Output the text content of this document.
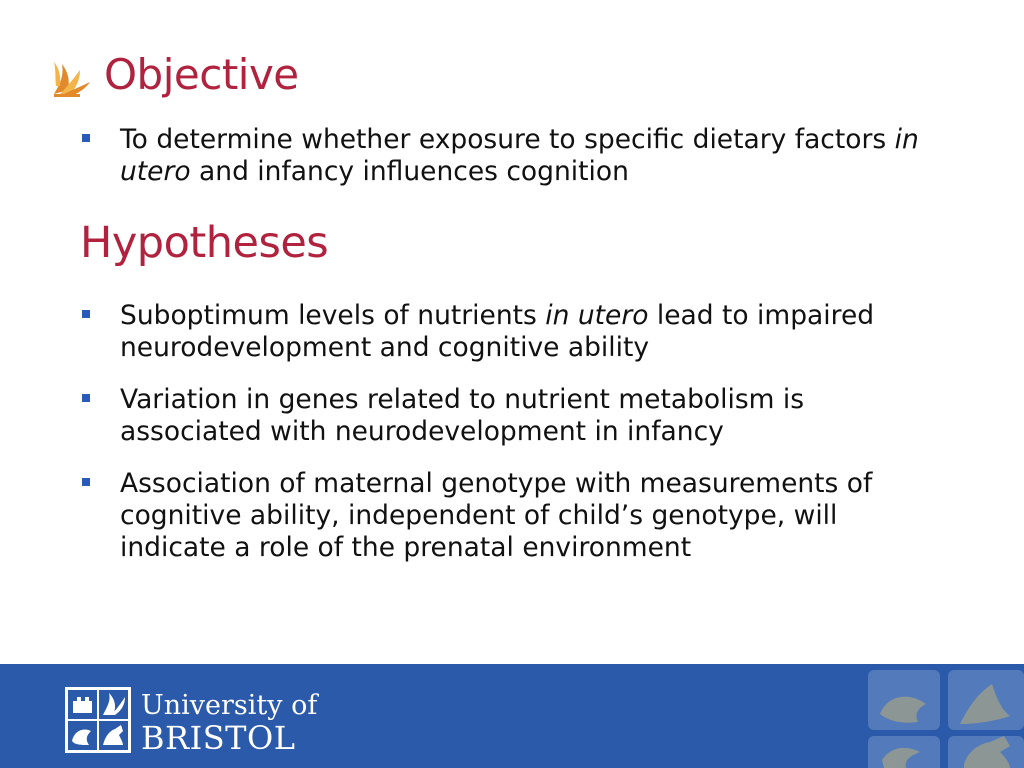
Objective
To determine whether exposure to specific dietary factors in utero and infancy influences cognition
Hypotheses
Suboptimum levels of nutrients in utero lead to impaired neurodevelopment and cognitive ability
Variation in genes related to nutrient metabolism is associated with neurodevelopment in infancy
Association of maternal genotype with measurements of cognitive ability, independent of child’s genotype, will indicate a role of the prenatal environment

University of

BRISTOL
